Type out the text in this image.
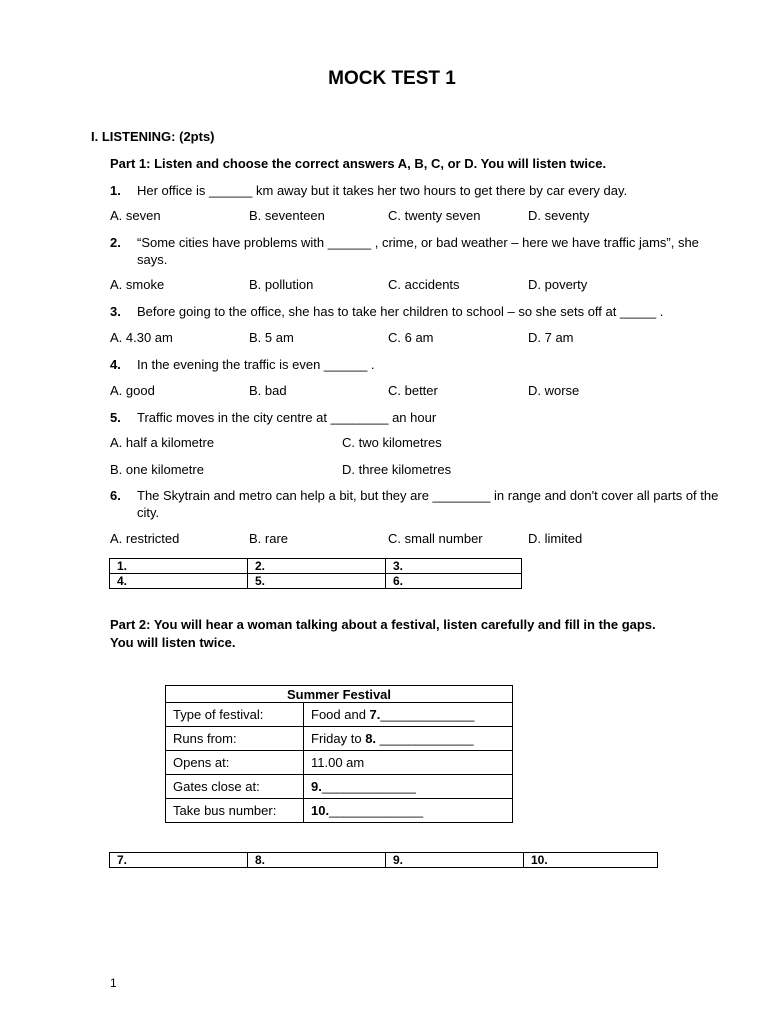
MOCK TEST 1
I. LISTENING: (2pts)
Part 1: Listen and choose the correct answers A, B, C, or D. You will listen twice.
1. Her office is ______ km away but it takes her two hours to get there by car every day.
A. seven	B. seventeen	C. twenty seven	D. seventy
2. “Some cities have problems with ______ , crime, or bad weather – here we have traffic jams”, she says.
A. smoke	B. pollution	C. accidents	D. poverty
3. Before going to the office, she has to take her children to school – so she sets off at _____ .
A. 4.30 am	B. 5 am	C. 6 am	D. 7 am
4. In the evening the traffic is even ______ .
A. good	B. bad	C. better	D. worse
5. Traffic moves in the city centre at ________ an hour
A. half a kilometre	C. two kilometres
B. one kilometre	D. three kilometres
6. The Skytrain and metro can help a bit, but they are ________ in range and don't cover all parts of the city.
A. restricted	B. rare	C. small number	D. limited
1.	2.	3.
4.	5.	6.
Part 2: You will hear a woman talking about a festival, listen carefully and fill in the gaps.
You will listen twice.
Summer Festival	
Type of festival:	Food and 7._____________
Runs from:	Friday to 8. _____________
Opens at:	11.00 am
Gates close at:	9._____________
Take bus number:	10._____________
7.	8.	9.	10.
1
